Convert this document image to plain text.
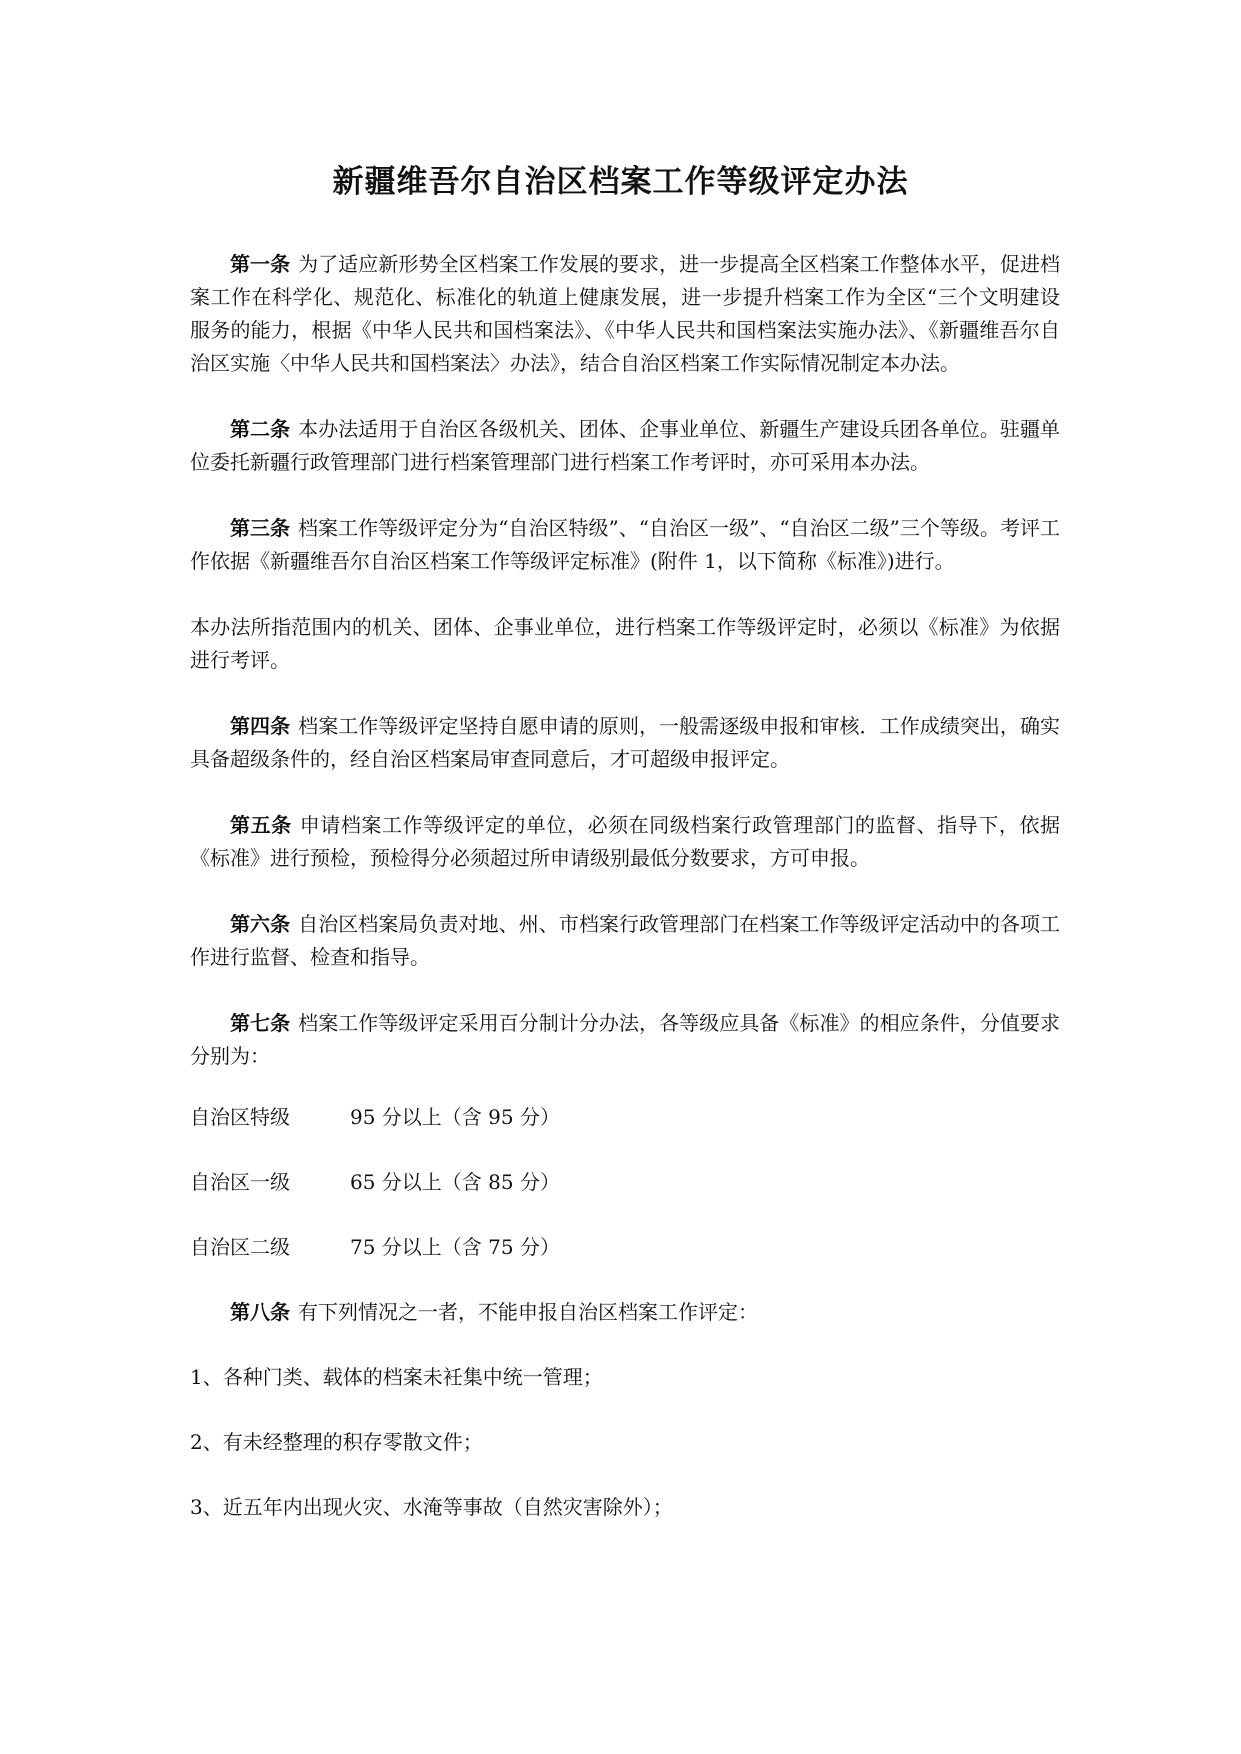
新疆维吾尔自治区档案工作等级评定办法

第一条 为了适应新形势全区档案工作发展的要求，进一步提高全区档案工作整体水平，促进档案工作在科学化、规范化、标准化的轨道上健康发展，进一步提升档案工作为全区“三个文明建设服务的能力，根据《中华人民共和国档案法》、《中华人民共和国档案法实施办法》、《新疆维吾尔自治区实施〈中华人民共和国档案法〉办法》，结合自治区档案工作实际情况制定本办法。

第二条 本办法适用于自治区各级机关、团体、企事业单位、新疆生产建设兵团各单位。驻疆单位委托新疆行政管理部门进行档案管理部门进行档案工作考评时，亦可采用本办法。

第三条 档案工作等级评定分为“自治区特级”、“自治区一级”、“自治区二级”三个等级。考评工作依据《新疆维吾尔自治区档案工作等级评定标准》(附件 1，以下简称《标准》)进行。

本办法所指范围内的机关、团体、企事业单位，进行档案工作等级评定时，必须以《标准》为依据进行考评。

第四条 档案工作等级评定坚持自愿申请的原则，一般需逐级申报和审核．工作成绩突出，确实具备超级条件的，经自治区档案局审查同意后，才可超级申报评定。

第五条 申请档案工作等级评定的单位，必须在同级档案行政管理部门的监督、指导下，依据《标准》进行预检，预检得分必须超过所申请级别最低分数要求，方可申报。

第六条 自治区档案局负责对地、州、市档案行政管理部门在档案工作等级评定活动中的各项工作进行监督、检查和指导。

第七条 档案工作等级评定采用百分制计分办法，各等级应具备《标准》的相应条件，分值要求分别为：

自治区特级	95 分以上（含 95 分）
自治区一级	65 分以上（含 85 分）
自治区二级	75 分以上（含 75 分）

第八条 有下列情况之一者，不能申报自治区档案工作评定：

1、各种门类、载体的档案未衽集中统一管理；
2、有未经整理的积存零散文件；
3、近五年内出现火灾、水淹等事故（自然灾害除外）；
